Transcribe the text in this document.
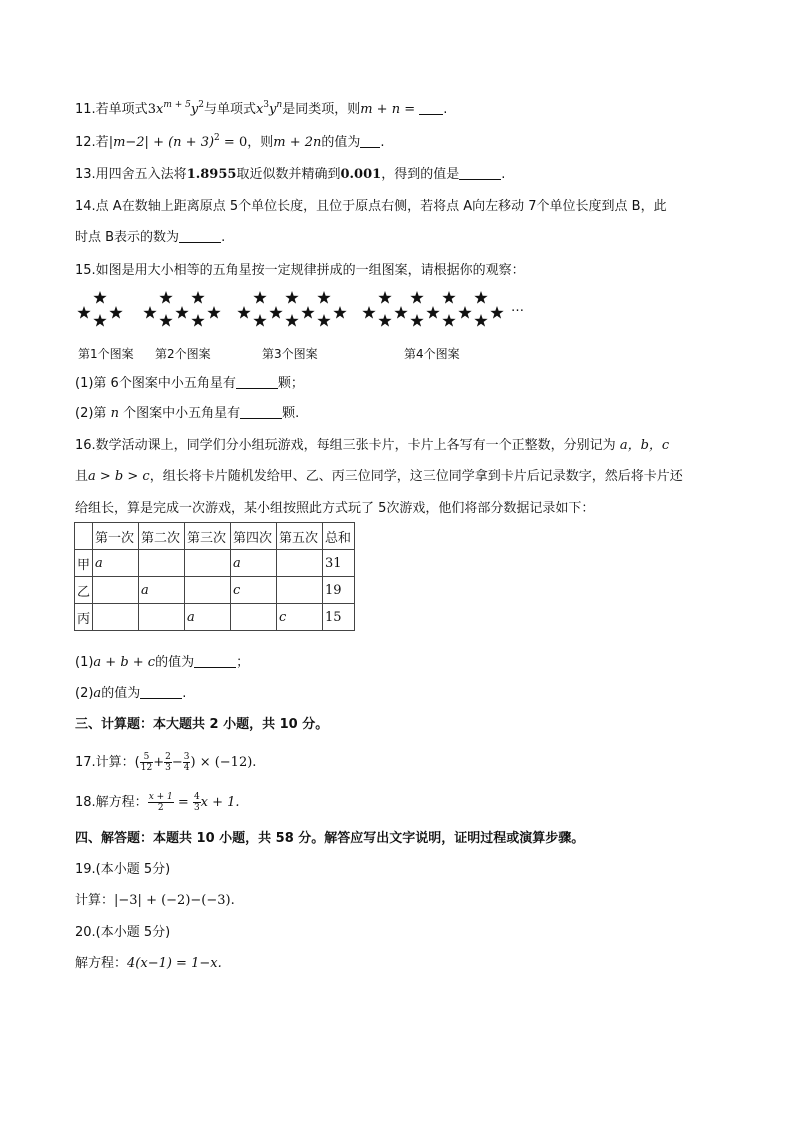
11.若单项式$3x^{m + 5}y^2$与单项式$x^3y^n$是同类项，则m + n = .
12.若$|m-2| + (n + 3)^2 = 0$，则m + 2n的值为 .
13.用四舍五入法将1.8955取近似数并精确到0.001，得到的值是	.
14.点 A在数轴上距离原点 5个单位长度，且位于原点右侧，若将点 A向左移动 7个单位长度到点 B，此
时点 B表示的数为	.
15.如图是用大小相等的五角星按一定规律拼成的一组图案，请根据你的观察：
…
第1个图案 第2个图案	第3个图案	第4个图案
(1)第 6个图案中小五角星有	颗；
(2)第 n 个图案中小五角星有	颗.
16.数学活动课上，同学们分小组玩游戏，每组三张卡片，卡片上各写有一个正整数，分别记为 a，b，c
且a > b > c，组长将卡片随机发给甲、乙、丙三位同学，这三位同学拿到卡片后记录数字，然后将卡片还
给组长，算是完成一次游戏，某小组按照此方式玩了 5次游戏，他们将部分数据记录如下：
	第一次	第二次	第三次	第四次	第五次	总和
甲	a			a		31
乙		a		c		19
丙			a		c	15
(1)a + b + c的值为	；
(2)a的值为	.
三、计算题：本大题共 2 小题，共 10 分。
17.计算：( $\frac{5}{12} + \frac{2}{3} - \frac{3}{4}$ ) × (−12).
18.解方程： $\frac{x + 1}{2} = \frac{4}{3}$ x + 1.
四、解答题：本题共 10 小题，共 58 分。解答应写出文字说明，证明过程或演算步骤。
19.(本小题 5分)
计算：|−3| + (−2)−(−3).
20.(本小题 5分)
解方程：4(x−1) = 1−x.
